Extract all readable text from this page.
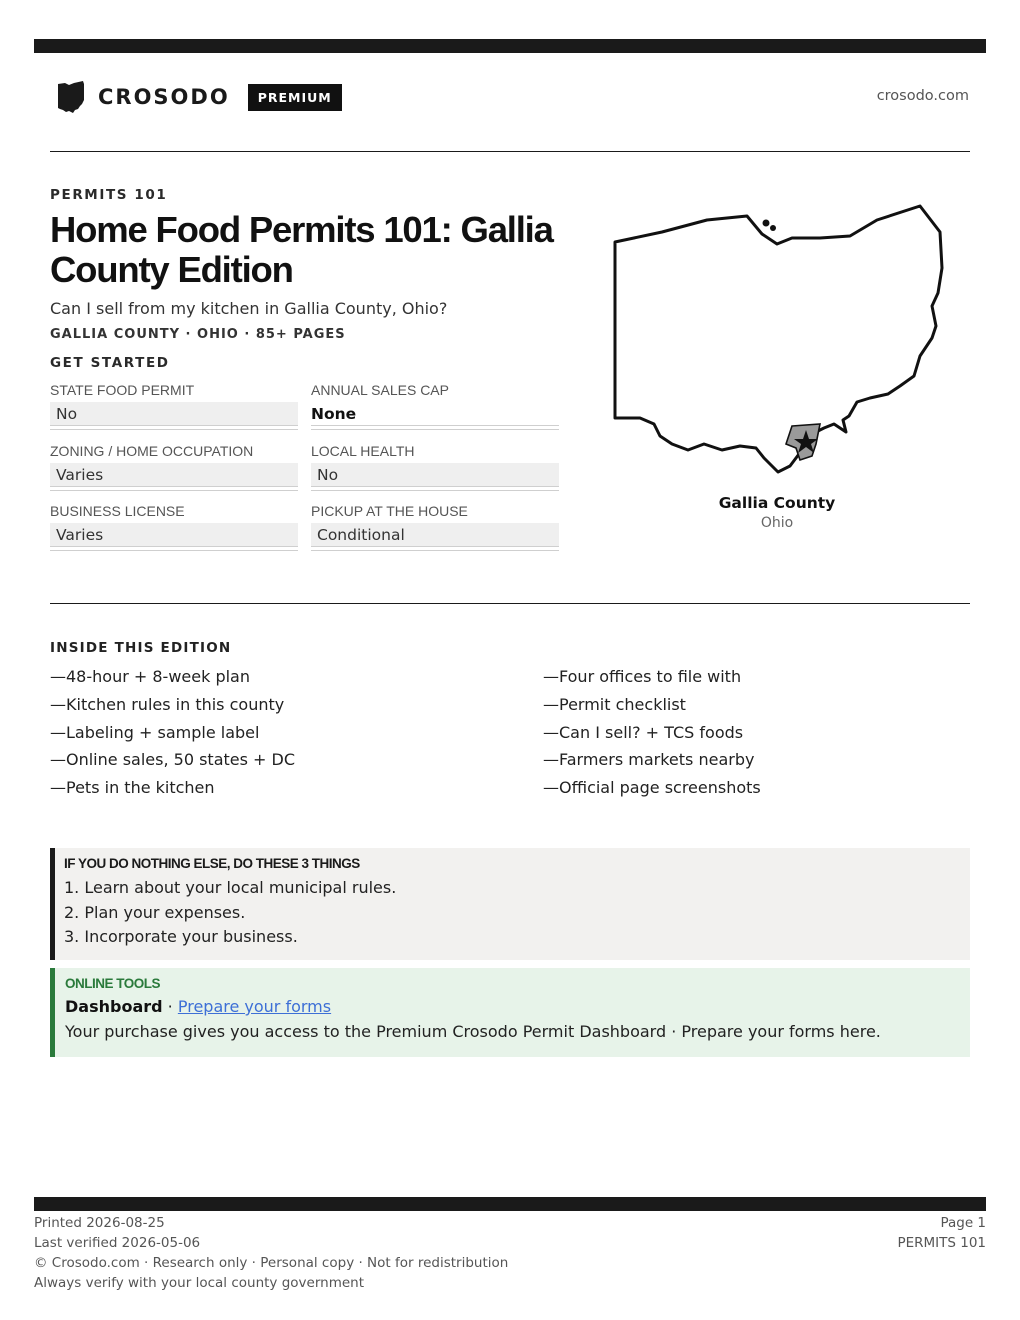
CROSODO	PREMIUM	crosodo.com
PERMITS 101
Home Food Permits 101: Gallia County Edition
Can I sell from my kitchen in Gallia County, Ohio?
GALLIA COUNTY · OHIO · 85+ PAGES
GET STARTED
STATE FOOD PERMIT
No
ANNUAL SALES CAP
None
ZONING / HOME OCCUPATION
Varies
LOCAL HEALTH
No
BUSINESS LICENSE
Varies
PICKUP AT THE HOUSE
Conditional
Gallia County
Ohio
INSIDE THIS EDITION
—48-hour + 8-week plan
—Kitchen rules in this county
—Labeling + sample label
—Online sales, 50 states + DC
—Pets in the kitchen
—Four offices to file with
—Permit checklist
—Can I sell? + TCS foods
—Farmers markets nearby
—Official page screenshots
IF YOU DO NOTHING ELSE, DO THESE 3 THINGS
1. Learn about your local municipal rules.
2. Plan your expenses.
3. Incorporate your business.
ONLINE TOOLS
Dashboard · Prepare your forms
Your purchase gives you access to the Premium Crosodo Permit Dashboard · Prepare your forms here.
Printed 2026-08-25
Last verified 2026-05-06
© Crosodo.com · Research only · Personal copy · Not for redistribution
Always verify with your local county government
Page 1
PERMITS 101
